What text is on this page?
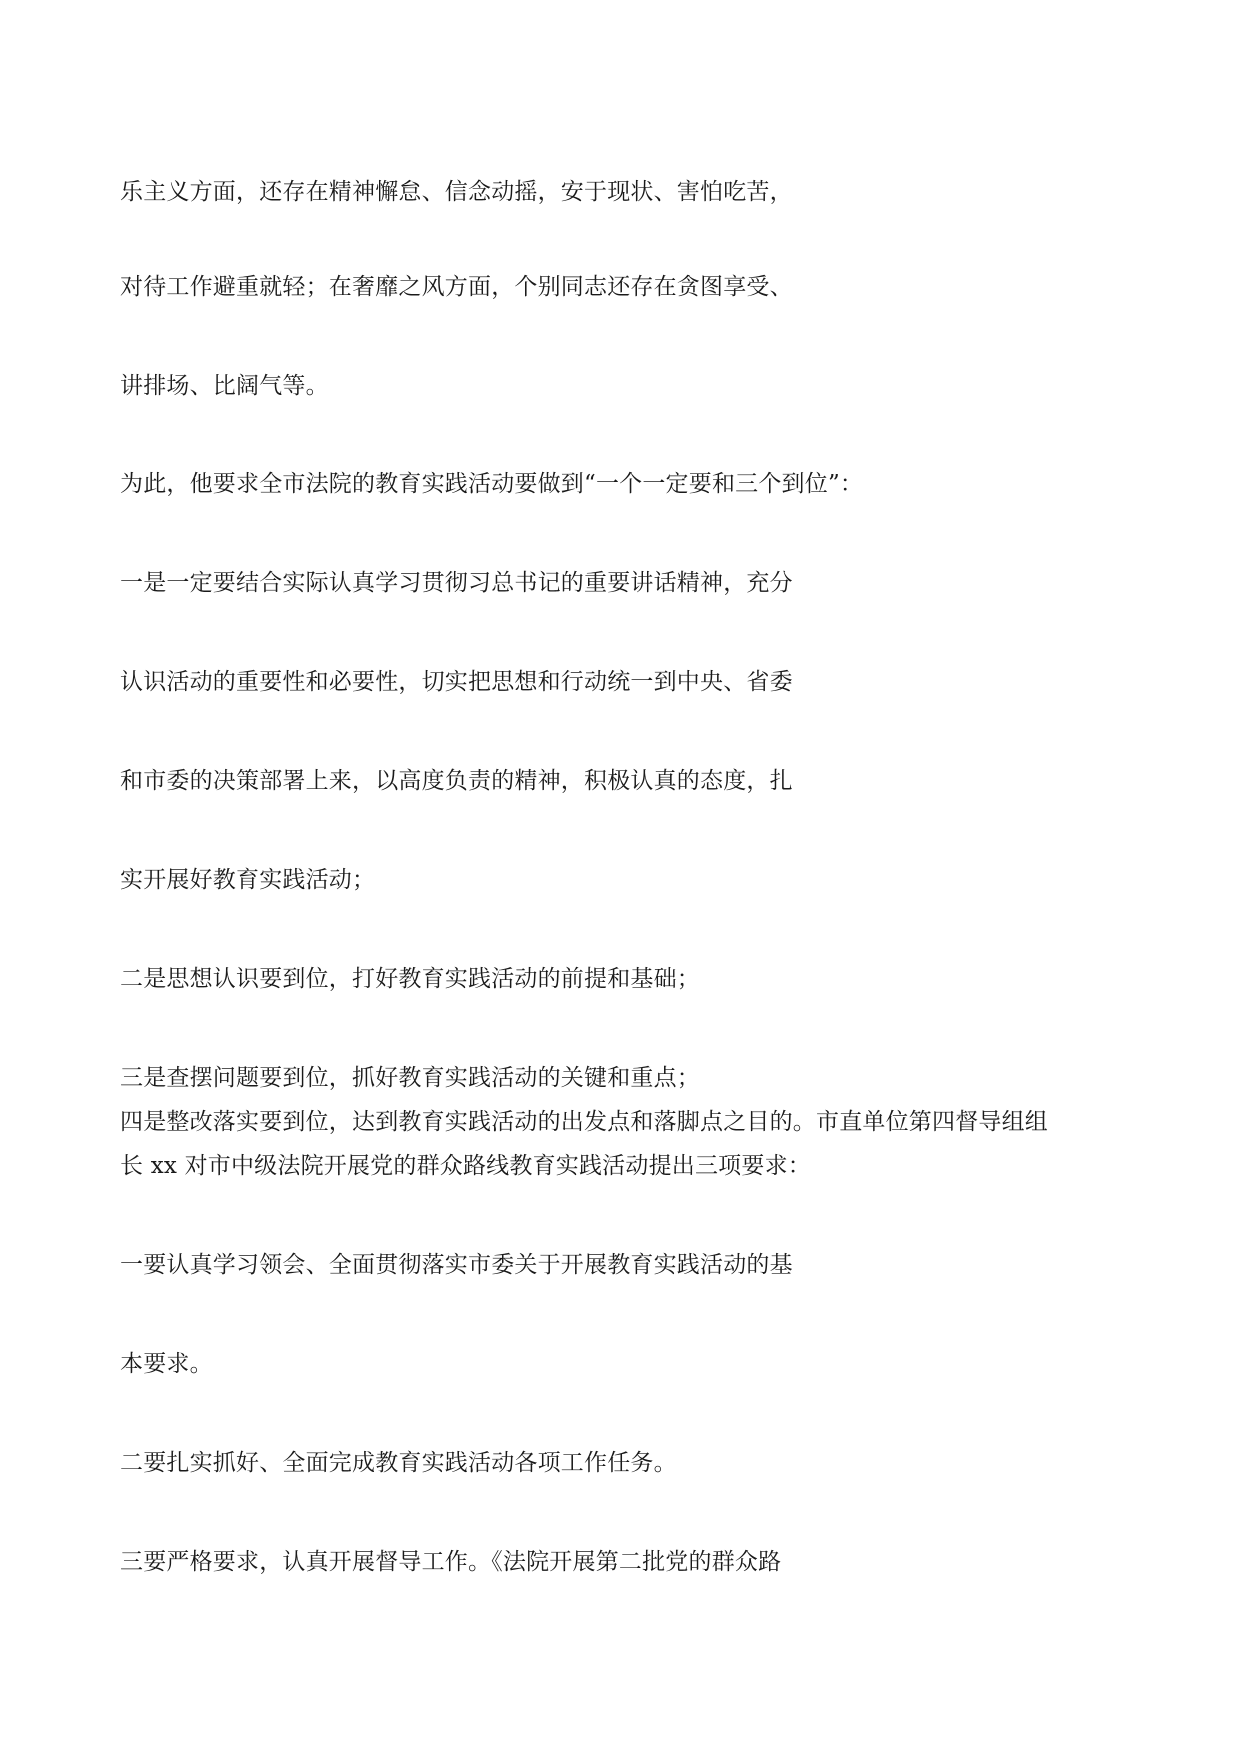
乐主义方面，还存在精神懈怠、信念动摇，安于现状、害怕吃苦，

对待工作避重就轻；在奢靡之风方面，个别同志还存在贪图享受、

讲排场、比阔气等。

为此，他要求全市法院的教育实践活动要做到“一个一定要和三个到位”：

一是一定要结合实际认真学习贯彻习总书记的重要讲话精神，充分

认识活动的重要性和必要性，切实把思想和行动统一到中央、省委

和市委的决策部署上来，以高度负责的精神，积极认真的态度，扎

实开展好教育实践活动；

二是思想认识要到位，打好教育实践活动的前提和基础；

三是查摆问题要到位，抓好教育实践活动的关键和重点；

四是整改落实要到位，达到教育实践活动的出发点和落脚点之目的。市直单位第四督导组组

长 xx 对市中级法院开展党的群众路线教育实践活动提出三项要求：

一要认真学习领会、全面贯彻落实市委关于开展教育实践活动的基

本要求。

二要扎实抓好、全面完成教育实践活动各项工作任务。

三要严格要求，认真开展督导工作。《法院开展第二批党的群众路
